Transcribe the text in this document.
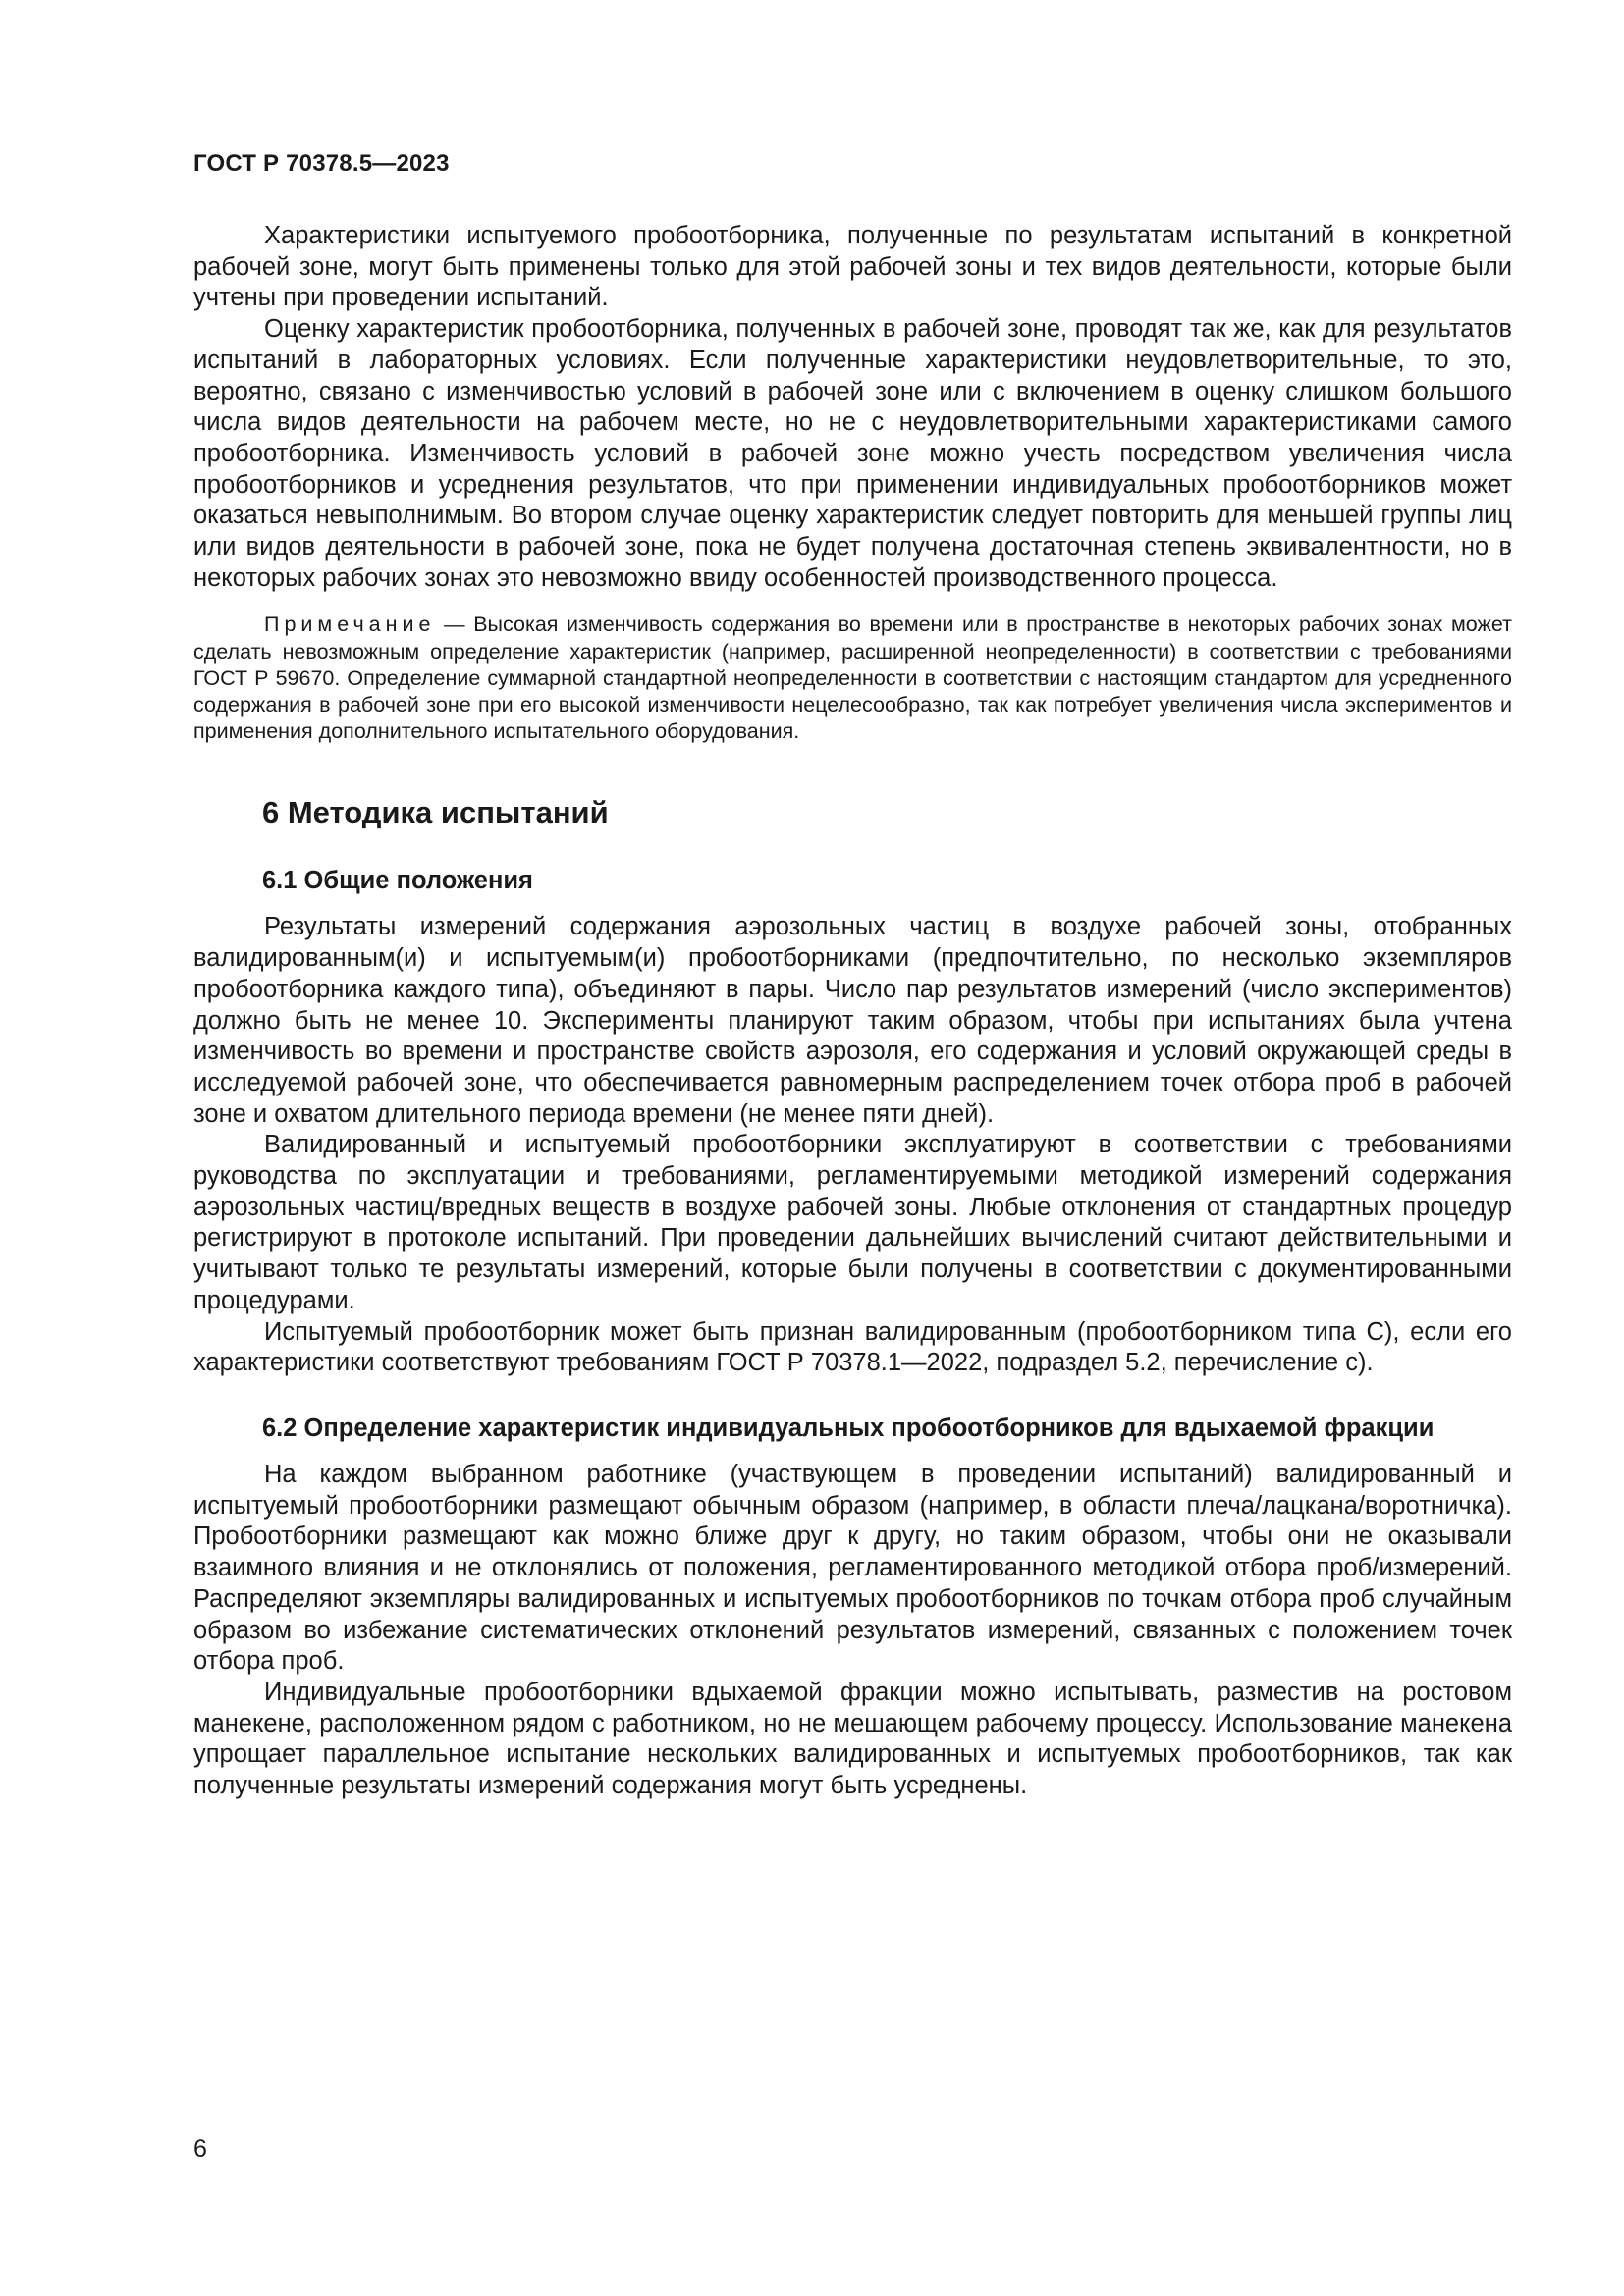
ГОСТ Р 70378.5—2023

Характеристики испытуемого пробоотборника, полученные по результатам испытаний в конкретной рабочей зоне, могут быть применены только для этой рабочей зоны и тех видов деятельности, которые были учтены при проведении испытаний.

Оценку характеристик пробоотборника, полученных в рабочей зоне, проводят так же, как для результатов испытаний в лабораторных условиях. Если полученные характеристики неудовлетворительные, то это, вероятно, связано с изменчивостью условий в рабочей зоне или с включением в оценку слишком большого числа видов деятельности на рабочем месте, но не с неудовлетворительными характеристиками самого пробоотборника. Изменчивость условий в рабочей зоне можно учесть посредством увеличения числа пробоотборников и усреднения результатов, что при применении индивидуальных пробоотборников может оказаться невыполнимым. Во втором случае оценку характеристик следует повторить для меньшей группы лиц или видов деятельности в рабочей зоне, пока не будет получена достаточная степень эквивалентности, но в некоторых рабочих зонах это невозможно ввиду особенностей производственного процесса.

Примечание — Высокая изменчивость содержания во времени или в пространстве в некоторых рабочих зонах может сделать невозможным определение характеристик (например, расширенной неопределенности) в соответствии с требованиями ГОСТ Р 59670. Определение суммарной стандартной неопределенности в соответствии с настоящим стандартом для усредненного содержания в рабочей зоне при его высокой изменчивости нецелесообразно, так как потребует увеличения числа экспериментов и применения дополнительного испытательного оборудования.

6 Методика испытаний
6.1 Общие положения

Результаты измерений содержания аэрозольных частиц в воздухе рабочей зоны, отобранных валидированным(и) и испытуемым(и) пробоотборниками (предпочтительно, по несколько экземпляров пробоотборника каждого типа), объединяют в пары. Число пар результатов измерений (число экспериментов) должно быть не менее 10. Эксперименты планируют таким образом, чтобы при испытаниях была учтена изменчивость во времени и пространстве свойств аэрозоля, его содержания и условий окружающей среды в исследуемой рабочей зоне, что обеспечивается равномерным распределением точек отбора проб в рабочей зоне и охватом длительного периода времени (не менее пяти дней).

Валидированный и испытуемый пробоотборники эксплуатируют в соответствии с требованиями руководства по эксплуатации и требованиями, регламентируемыми методикой измерений содержания аэрозольных частиц/вредных веществ в воздухе рабочей зоны. Любые отклонения от стандартных процедур регистрируют в протоколе испытаний. При проведении дальнейших вычислений считают действительными и учитывают только те результаты измерений, которые были получены в соответствии с документированными процедурами.

Испытуемый пробоотборник может быть признан валидированным (пробоотборником типа С), если его характеристики соответствуют требованиям ГОСТ Р 70378.1—2022, подраздел 5.2, перечисление с).

6.2 Определение характеристик индивидуальных пробоотборников для вдыхаемой фракции

На каждом выбранном работнике (участвующем в проведении испытаний) валидированный и испытуемый пробоотборники размещают обычным образом (например, в области плеча/лацкана/воротничка). Пробоотборники размещают как можно ближе друг к другу, но таким образом, чтобы они не оказывали взаимного влияния и не отклонялись от положения, регламентированного методикой отбора проб/измерений. Распределяют экземпляры валидированных и испытуемых пробоотборников по точкам отбора проб случайным образом во избежание систематических отклонений результатов измерений, связанных с положением точек отбора проб.

Индивидуальные пробоотборники вдыхаемой фракции можно испытывать, разместив на ростовом манекене, расположенном рядом с работником, но не мешающем рабочему процессу. Использование манекена упрощает параллельное испытание нескольких валидированных и испытуемых пробоотборников, так как полученные результаты измерений содержания могут быть усреднены.

6
